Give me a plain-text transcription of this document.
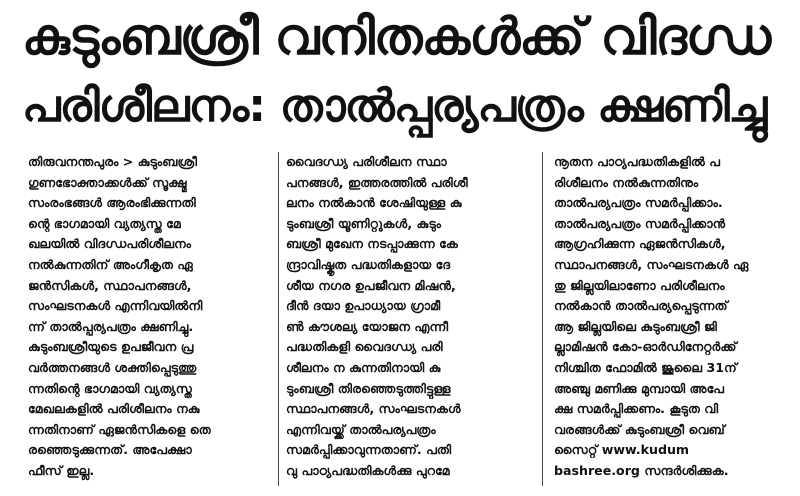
കുടുംബശ്രീ വനിതകൾക്ക് വിദഗ്ധ
പരിശീലനം: താൽപ്പര്യപത്രം ക്ഷണിച്ചു
തിരുവനന്തപുരം > കുടുംബശ്രീ
ഗുണഭോക്താക്കൾക്ക് സൂക്ഷ്മ
സംരംഭങ്ങൾ ആരംഭിക്കുന്നതി
ന്റെ ഭാഗമായി വ്യത്യസ്ത മേ
ഖലയിൽ വിദഗ്ധപരിശീലനം
നൽകുന്നതിന് അംഗീകൃത ഏ
ജൻസികൾ, സ്ഥാപനങ്ങൾ,
സംഘടനകൾ എന്നിവയിൽനി
ന്ന് താൽപ്പര്യപത്രം ക്ഷണിച്ചു.
കുടുംബശ്രീയുടെ ഉപജീവന പ്ര
വർത്തനങ്ങൾ ശക്തിപ്പെടുത്തു
ന്നതിന്റെ ഭാഗമായി വ്യത്യസ്ത
മേഖലകളിൽ പരിശീലനം നകു
ന്നതിനാണ് ഏജൻസികളെ തെ
രഞ്ഞെടുക്കുന്നത്. അപേക്ഷാ
ഫീസ് ഇല്ല.
വൈദഗ്ധ്യ പരിശീലന സ്ഥാ
പനങ്ങൾ, ഇത്തരത്തിൽ പരിശീ
ലനം നൽകാൻ ശേഷിയുള്ള കു
ടുംബശ്രീ യൂണിറ്റുകൾ, കുടും
ബശ്രീ മുഖേന നടപ്പാക്കുന്ന കേ
ന്ദ്രാവിഷ്കൃത പദ്ധതികളായ ദേ
ശീയ നഗര ഉപജീവന മിഷൻ,
ദീൻ ദയാ ഉപാധ്യായ ഗ്രാമീ
ൺ കൗശല്യ യോജന എന്നീ
പദ്ധതികളി വൈദഗ്ധ്യ പരി
ശീലനം ന കുന്നതിനായി കു
ടുംബശ്രീ തിരഞ്ഞെടുത്തിട്ടുള്ള
സ്ഥാപനങ്ങൾ, സംഘടനകൾ
എന്നിവയ്ക്ക് താൽപര്യപത്രം
സമർപ്പിക്കാവുന്നതാണ്. പതി
വു പാഠ്യപദ്ധതികൾക്കു പുറമേ
നൂതന പാഠ്യപദ്ധതികളിൽ പ
രിശീലനം നൽകുന്നതിനും
താൽപര്യപത്രം സമർപ്പിക്കാം.
താൽപര്യപത്രം സമർപ്പിക്കാൻ
ആഗ്രഹിക്കുന്ന ഏജൻസികൾ,
സ്ഥാപനങ്ങൾ, സംഘടനകൾ ഏ
തു ജില്ലയിലാണോ പരിശീലനം
നൽകാൻ താൽപര്യപ്പെടുന്നത്
ആ ജില്ലയിലെ കുടുംബശ്രീ ജി
ല്ലാമിഷൻ കോ-ഓർഡിനേറ്റർക്ക്
നിശ്ചിത ഫോമിൽ ജൂലൈ 31ന്
അഞ്ചു മണിക്കു മുമ്പായി അപേ
ക്ഷ സമർപ്പിക്കണം. കൂടുത വി
വരങ്ങൾക്ക് കുടുംബശ്രീ വെബ്
സൈറ്റ് www.kudum
bashree.org സന്ദർശിക്കുക.
